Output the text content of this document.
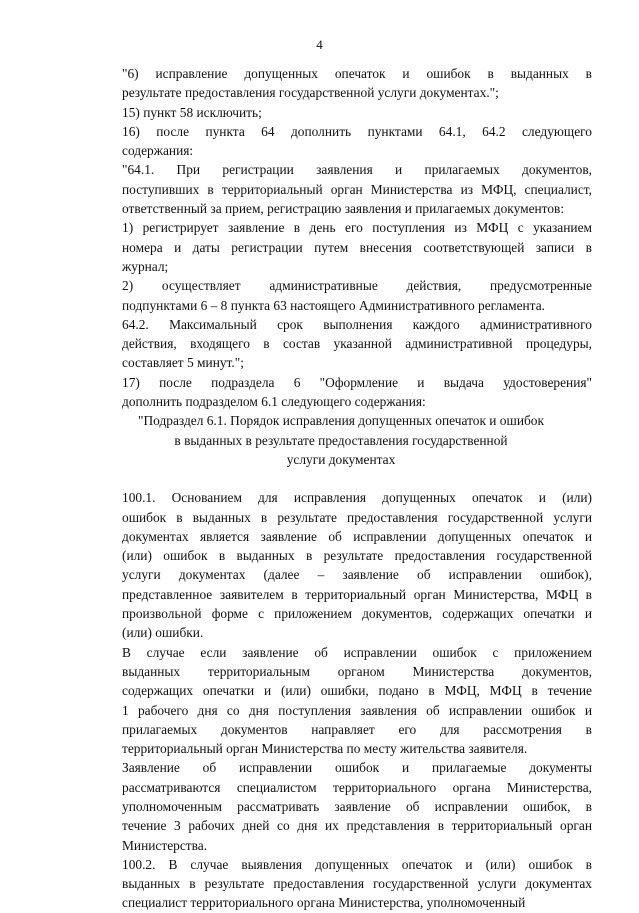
4

"6) исправление допущенных опечаток и ошибок в выданных в
результате предоставления государственной услуги документах.";

15) пункт 58 исключить;

16) после пункта 64 дополнить пунктами 64.1, 64.2 следующего
содержания:

"64.1. При регистрации заявления и прилагаемых документов,
поступивших в территориальный орган Министерства из МФЦ, специалист,
ответственный за прием, регистрацию заявления и прилагаемых документов:

1) регистрирует заявление в день его поступления из МФЦ с указанием
номера и даты регистрации путем внесения соответствующей записи в
журнал;

2) осуществляет административные действия, предусмотренные
подпунктами 6 – 8 пункта 63 настоящего Административного регламента.

64.2. Максимальный срок выполнения каждого административного
действия, входящего в состав указанной административной процедуры,
составляет 5 минут.";

17) после подраздела 6 "Оформление и выдача удостоверения"
дополнить подразделом 6.1 следующего содержания:

"Подраздел 6.1. Порядок исправления допущенных опечаток и ошибок
в выданных в результате предоставления государственной
услуги документах

100.1. Основанием для исправления допущенных опечаток и (или)
ошибок в выданных в результате предоставления государственной услуги
документах является заявление об исправлении допущенных опечаток и
(или) ошибок в выданных в результате предоставления государственной
услуги документах (далее – заявление об исправлении ошибок),
представленное заявителем в территориальный орган Министерства, МФЦ в
произвольной форме с приложением документов, содержащих опечатки и
(или) ошибки.

В случае если заявление об исправлении ошибок с приложением
выданных территориальным органом Министерства документов,
содержащих опечатки и (или) ошибки, подано в МФЦ, МФЦ в течение
1 рабочего дня со дня поступления заявления об исправлении ошибок и
прилагаемых документов направляет его для рассмотрения в
территориальный орган Министерства по месту жительства заявителя.

Заявление об исправлении ошибок и прилагаемые документы
рассматриваются специалистом территориального органа Министерства,
уполномоченным рассматривать заявление об исправлении ошибок, в
течение 3 рабочих дней со дня их представления в территориальный орган
Министерства.

100.2. В случае выявления допущенных опечаток и (или) ошибок в
выданных в результате предоставления государственной услуги документах
специалист территориального органа Министерства, уполномоченный
